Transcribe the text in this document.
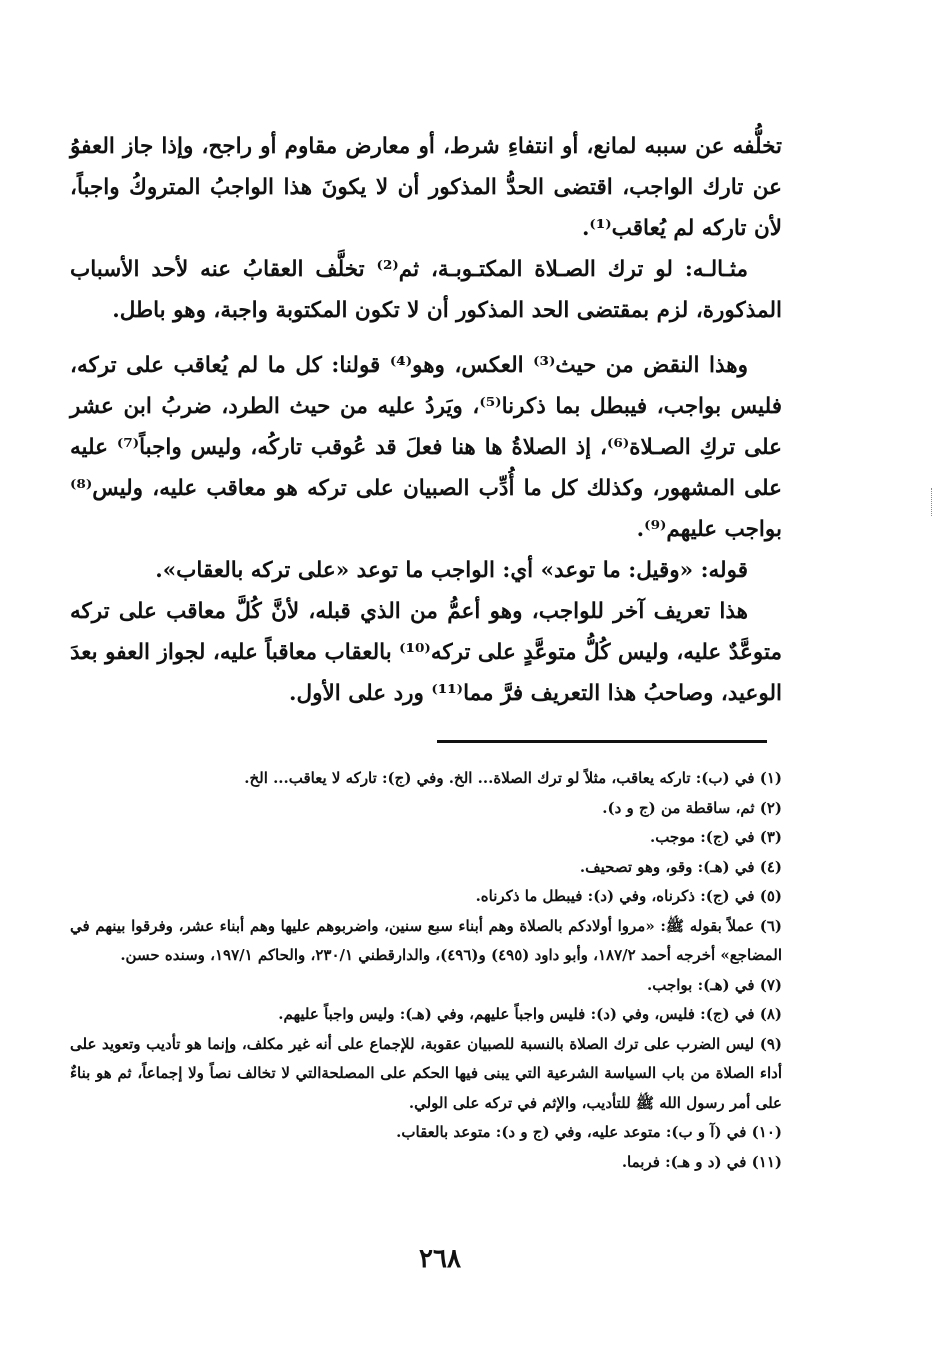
تخلُّفه عن سببه لمانع، أو انتفاءِ شرط، أو معارض مقاوم أو راجح، وإذا جاز العفوُ عن تارك الواجب، اقتضى الحدُّ المذكور أن لا يكونَ هذا الواجبُ المتروكُ واجباً، لأن تاركه لم يُعاقب⁽¹⁾.

مثـالـه: لو ترك الصـلاة المكتـوبـة، ثم⁽²⁾ تخلَّف العقابُ عنه لأحد الأسباب المذكورة، لزم بمقتضى الحد المذكور أن لا تكون المكتوبة واجبة، وهو باطل.

وهذا النقض من حيث⁽³⁾ العكس، وهو⁽⁴⁾ قولنا: كل ما لم يُعاقب على تركه، فليس بواجب، فيبطل بما ذكرنا⁽⁵⁾، ويَردُ عليه من حيث الطرد، ضربُ ابن عشر على تركِ الصـلاة⁽⁶⁾، إذ الصلاةُ ها هنا فعلَ قد عُوقب تاركُه، وليس واجباً⁽⁷⁾ عليه على المشهور، وكذلك كل ما أُدِّب الصبيان على تركه هو معاقب عليه، وليس⁽⁸⁾ بواجب عليهم⁽⁹⁾.

قوله: «وقيل: ما توعد» أي: الواجب ما توعد «على تركه بالعقاب».

هذا تعريف آخر للواجب، وهو أعمُّ من الذي قبله، لأنَّ كُلَّ معاقب على تركه متوعَّدٌ عليه، وليس كُلُّ متوعَّدٍ على تركه⁽¹⁰⁾ بالعقاب معاقباً عليه، لجواز العفو بعدَ الوعيد، وصاحبُ هذا التعريف فرَّ مما⁽¹¹⁾ ورد على الأول.

(١) في (ب): تاركه يعاقب، مثلاً لو ترك الصلاة... الخ. وفي (ج): تاركه لا يعاقب... الخ.

(٢) ثم، ساقطة من (ج و د).

(٣) في (ج): موجب.

(٤) في (هـ): وقو، وهو تصحيف.

(٥) في (ج): ذكرناه، وفي (د): فيبطل ما ذكرناه.

(٦) عملاً بقوله ﷺ: «مروا أولادكم بالصلاة وهم أبناء سبع سنين، واضربوهم عليها وهم أبناء عشر، وفرقوا بينهم في المضاجع» أخرجه أحمد ١٨٧/٢، وأبو داود (٤٩٥) و(٤٩٦)، والدارقطني ٢٣٠/١، والحاكم ١٩٧/١، وسنده حسن.

(٧) في (هـ): بواجب.

(٨) في (ج): فليس، وفي (د): فليس واجباً عليهم، وفي (هـ): وليس واجباً عليهم.

(٩) ليس الضرب على ترك الصلاة بالنسبة للصبيان عقوبة، للإجماع على أنه غير مكلف، وإنما هو تأديب وتعويد على أداء الصلاة من باب السياسة الشرعية التي يبنى فيها الحكم على المصلحةالتي لا تخالف نصاً ولا إجماعاً، ثم هو بناءٌ على أمر رسول الله ﷺ للتأديب، والإثم في تركه على الولي.

(١٠) في (آ و ب): متوعد عليه، وفي (ج و د): متوعد بالعقاب.

(١١) في (د و هـ): فربما.

٢٦٨
